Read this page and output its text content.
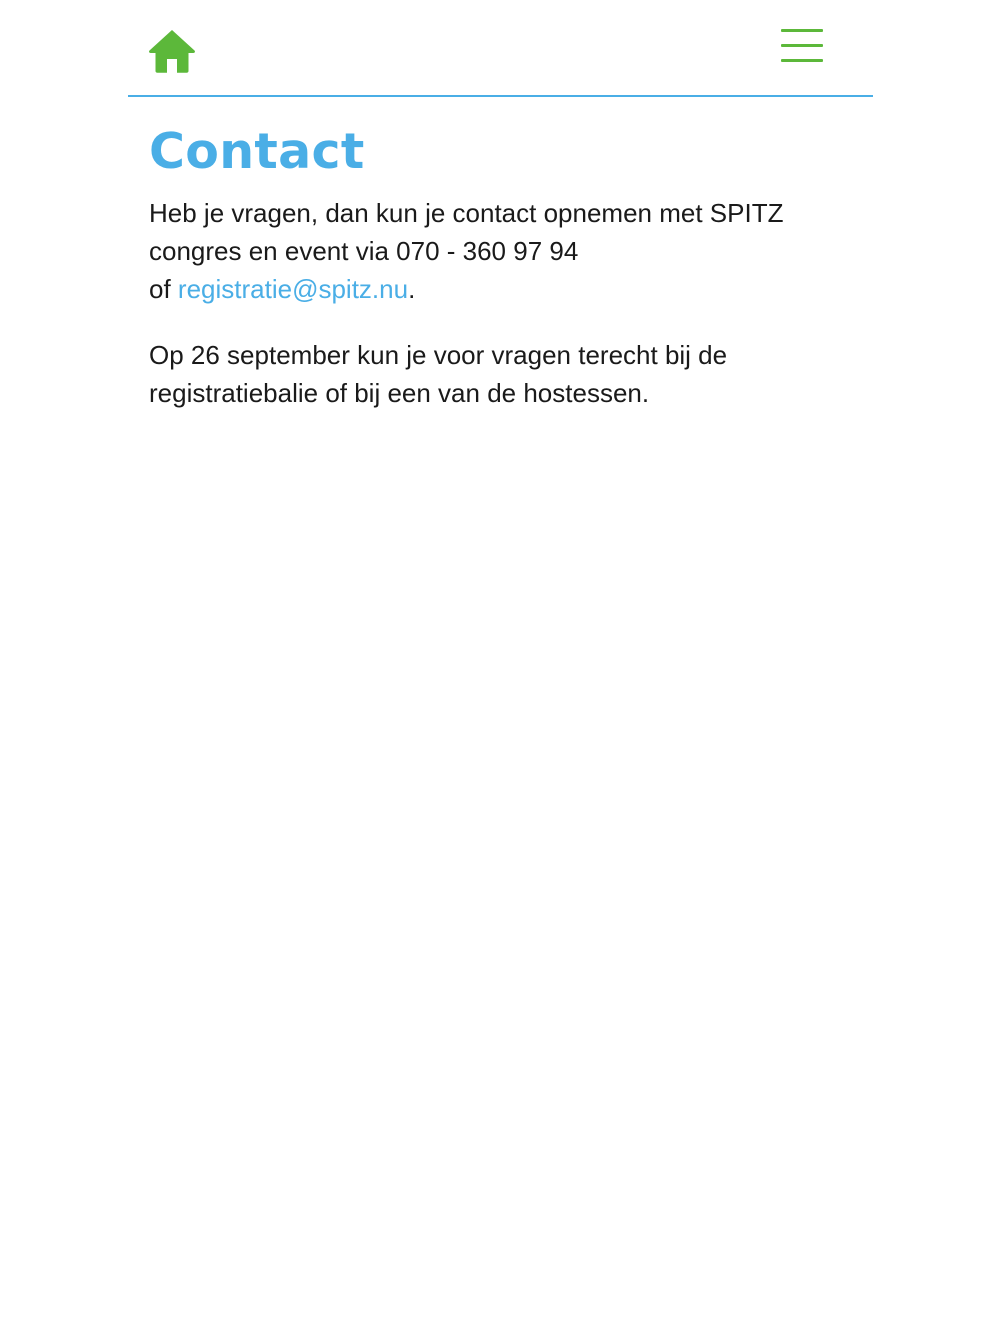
Contact

Heb je vragen, dan kun je contact opnemen met SPITZ
congres en event via 070 - 360 97 94
of registratie@spitz.nu.

Op 26 september kun je voor vragen terecht bij de
registratiebalie of bij een van de hostessen.
